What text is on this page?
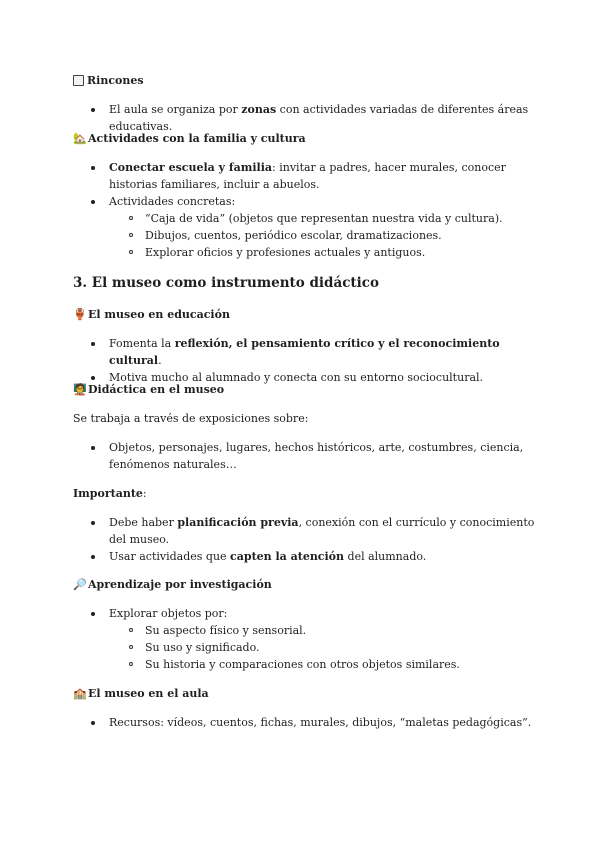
Rincones
El aula se organiza por zonas con actividades variadas de diferentes áreas educativas.
🏡 Actividades con la familia y cultura
Conectar escuela y familia: invitar a padres, hacer murales, conocer historias familiares, incluir a abuelos.
Actividades concretas:
“Caja de vida” (objetos que representan nuestra vida y cultura).
Dibujos, cuentos, periódico escolar, dramatizaciones.
Explorar oficios y profesiones actuales y antiguos.
3. El museo como instrumento didáctico
🏺 El museo en educación
Fomenta la reflexión, el pensamiento crítico y el reconocimiento cultural.
Motiva mucho al alumnado y conecta con su entorno sociocultural.
🧑‍🏫 Didáctica en el museo

Se trabaja a través de exposiciones sobre:

Objetos, personajes, lugares, hechos históricos, arte, costumbres, ciencia, fenómenos naturales…

Importante:

Debe haber planificación previa, conexión con el currículo y conocimiento del museo.
Usar actividades que capten la atención del alumnado.
🔎 Aprendizaje por investigación
Explorar objetos por:
Su aspecto físico y sensorial.
Su uso y significado.
Su historia y comparaciones con otros objetos similares.
🏫 El museo en el aula
Recursos: vídeos, cuentos, fichas, murales, dibujos, “maletas pedagógicas”.
